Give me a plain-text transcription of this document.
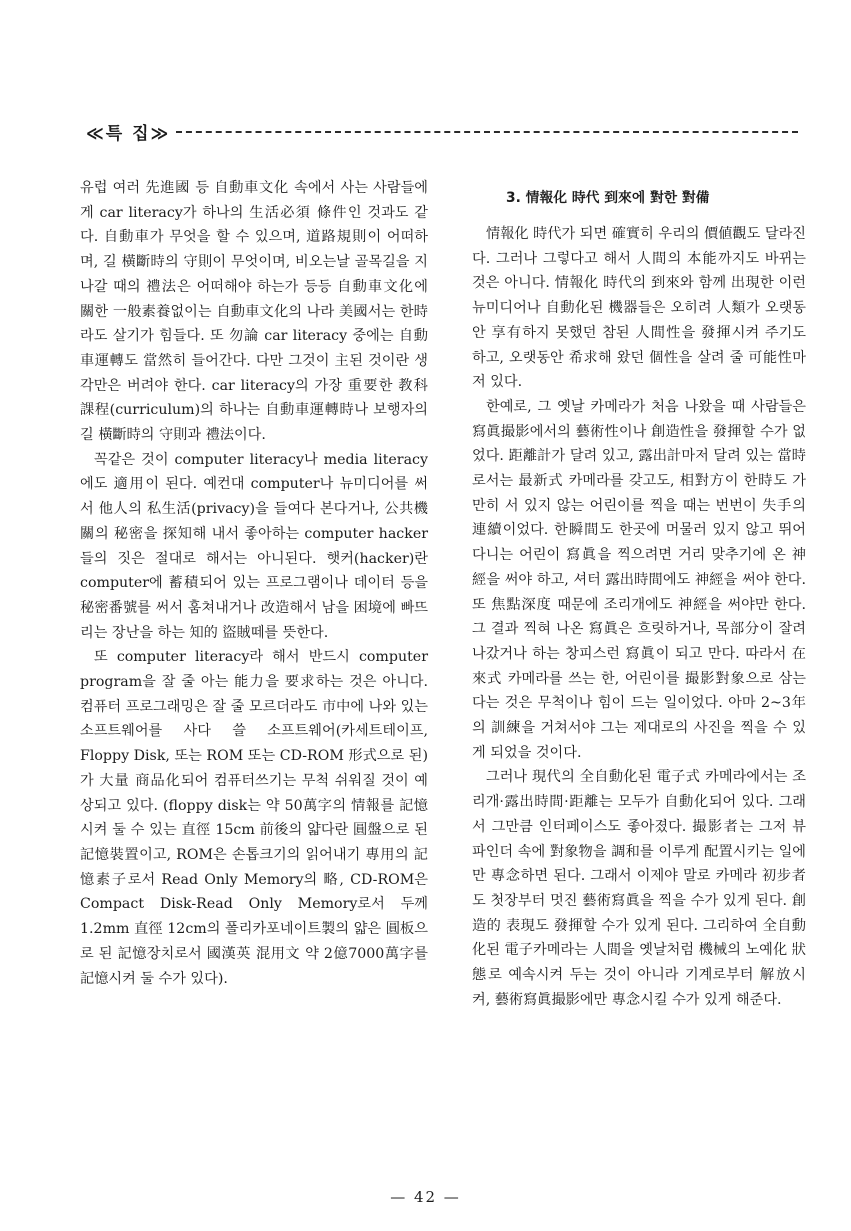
≪특 집≫

유럽 여러 先進國 등 自動車文化 속에서 사는 사람들에게 car literacy가 하나의 生活必須 條件인 것과도 같다. 自動車가 무엇을 할 수 있으며, 道路規則이 어떠하며, 길 橫斷時의 守則이 무엇이며, 비오는날 골목길을 지나갈 때의 禮法은 어떠해야 하는가 등등 自動車文化에 關한 一般素養없이는 自動車文化의 나라 美國서는 한時라도 살기가 힘들다. 또 勿論 car literacy 중에는 自動車運轉도 當然히 들어간다. 다만 그것이 主된 것이란 생각만은 버려야 한다. car literacy의 가장 重要한 教科課程(curriculum)의 하나는 自動車運轉時나 보행자의 길 橫斷時의 守則과 禮法이다.

꼭같은 것이 computer literacy나 media literacy에도 適用이 된다. 예컨대 computer나 뉴미디어를 써서 他人의 私生活(privacy)을 들여다 본다거나, 公共機關의 秘密을 探知해 내서 좋아하는 computer hacker들의 짓은 절대로 해서는 아니된다. 햇커(hacker)란 computer에 蓄積되어 있는 프로그램이나 데이터 등을 秘密番號를 써서 훔쳐내거나 改造해서 남을 困境에 빠뜨리는 장난을 하는 知的 盜賊떼를 뜻한다.

또 computer literacy라 해서 반드시 computer program을 잘 줄 아는 能力을 要求하는 것은 아니다. 컴퓨터 프로그래밍은 잘 줄 모르더라도 市中에 나와 있는 소프트웨어를 사다 쓸 소프트웨어(카세트테이프, Floppy Disk, 또는 ROM 또는 CD-ROM 形式으로 된)가 大量 商品化되어 컴퓨터쓰기는 무척 쉬워질 것이 예상되고 있다. (floppy disk는 약 50萬字의 情報를 記憶시켜 둘 수 있는 直徑 15cm 前後의 얇다란 圓盤으로 된 記憶裝置이고, ROM은 손톱크기의 읽어내기 專用의 記憶素子로서 Read Only Memory의 略, CD-ROM은 Compact Disk-Read Only Memory로서 두께 1.2mm 直徑 12cm의 폴리카포네이트製의 얇은 圓板으로 된 記憶장치로서 國漢英 混用文 약 2億7000萬字를 記憶시켜 둘 수가 있다).

3. 情報化 時代 到來에 對한 對備

情報化 時代가 되면 確實히 우리의 價値觀도 달라진다. 그러나 그렇다고 해서 人間의 本能까지도 바뀌는 것은 아니다. 情報化 時代의 到來와 함께 出現한 이런 뉴미디어나 自動化된 機器들은 오히려 人類가 오랫동안 享有하지 못했던 참된 人間性을 發揮시켜 주기도 하고, 오랫동안 希求해 왔던 個性을 살려 줄 可能性마저 있다.

한예로, 그 옛날 카메라가 처음 나왔을 때 사람들은 寫眞撮影에서의 藝術性이나 創造性을 發揮할 수가 없었다. 距離計가 달려 있고, 露出計마저 달려 있는 當時로서는 最新式 카메라를 갖고도, 相對方이 한時도 가만히 서 있지 않는 어린이를 찍을 때는 번번이 失手의 連續이었다. 한瞬間도 한곳에 머물러 있지 않고 뛰어 다니는 어린이 寫眞을 찍으려면 거리 맞추기에 온 神經을 써야 하고, 셔터 露出時間에도 神經을 써야 한다. 또 焦點深度 때문에 조리개에도 神經을 써야만 한다. 그 결과 찍혀 나온 寫眞은 흐릿하거나, 목部分이 잘려 나갔거나 하는 창피스런 寫眞이 되고 만다. 따라서 在來式 카메라를 쓰는 한, 어린이를 撮影對象으로 삼는다는 것은 무척이나 힘이 드는 일이었다. 아마 2~3年의 訓練을 거쳐서야 그는 제대로의 사진을 찍을 수 있게 되었을 것이다.

그러나 現代의 全自動化된 電子式 카메라에서는 조리개·露出時間·距離는 모두가 自動化되어 있다. 그래서 그만큼 인터페이스도 좋아졌다. 撮影者는 그저 뷰 파인더 속에 對象物을 調和를 이루게 配置시키는 일에만 專念하면 된다. 그래서 이제야 말로 카메라 初步者도 첫장부터 멋진 藝術寫眞을 찍을 수가 있게 된다. 創造的 表現도 發揮할 수가 있게 된다. 그리하여 全自動化된 電子카메라는 人間을 옛날처럼 機械의 노예化 狀態로 예속시켜 두는 것이 아니라 기계로부터 解放시켜, 藝術寫眞撮影에만 專念시킬 수가 있게 해준다.

— 42 —
